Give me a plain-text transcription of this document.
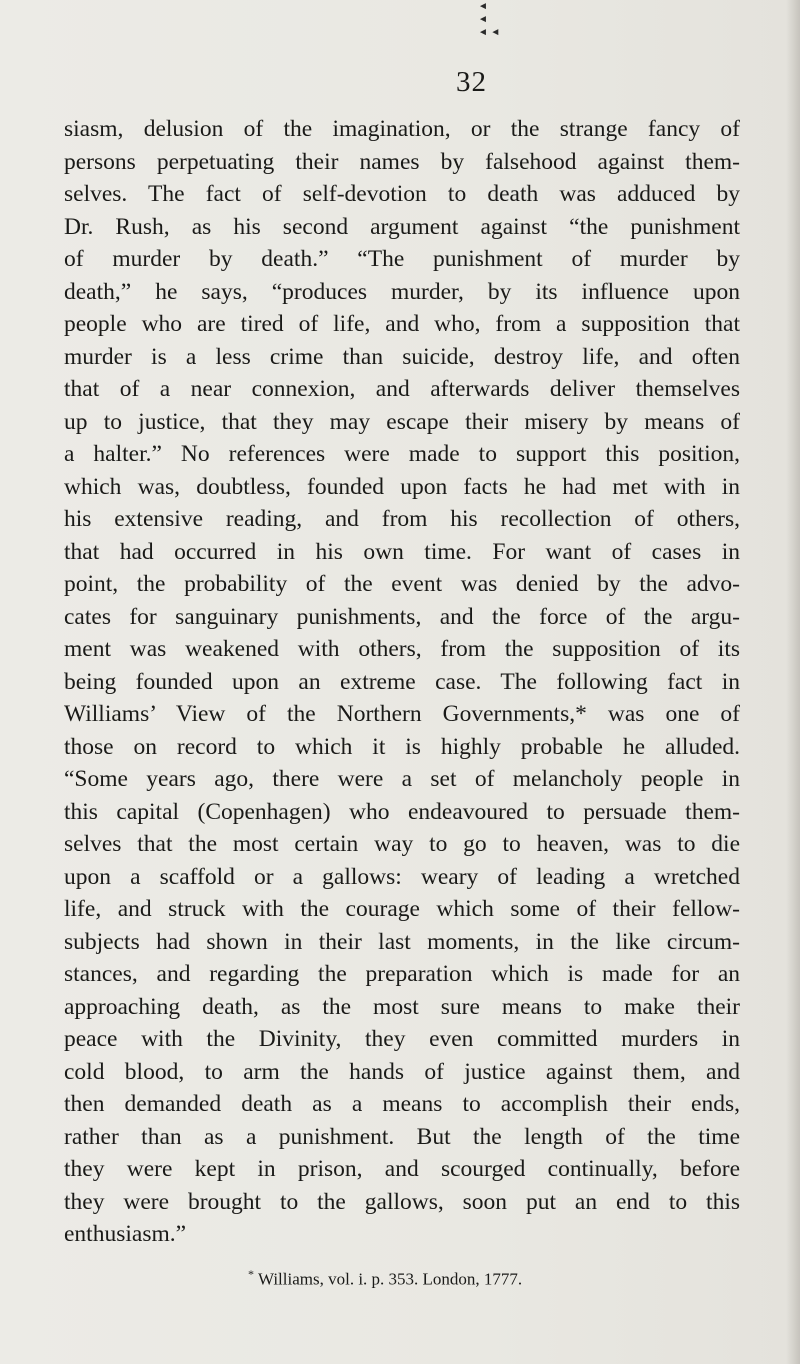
◄
◄
◄ ◄
32
siasm, delusion of the imagination, or the strange fancy of
persons perpetuating their names by falsehood against them-
selves. The fact of self-devotion to death was adduced by
Dr. Rush, as his second argument against “the punishment
of murder by death.” “The punishment of murder by
death,” he says, “produces murder, by its influence upon
people who are tired of life, and who, from a supposition that
murder is a less crime than suicide, destroy life, and often
that of a near connexion, and afterwards deliver themselves
up to justice, that they may escape their misery by means of
a halter.” No references were made to support this position,
which was, doubtless, founded upon facts he had met with in
his extensive reading, and from his recollection of others,
that had occurred in his own time. For want of cases in
point, the probability of the event was denied by the advo-
cates for sanguinary punishments, and the force of the argu-
ment was weakened with others, from the supposition of its
being founded upon an extreme case. The following fact in
Williams’ View of the Northern Governments,* was one of
those on record to which it is highly probable he alluded.
“Some years ago, there were a set of melancholy people in
this capital (Copenhagen) who endeavoured to persuade them-
selves that the most certain way to go to heaven, was to die
upon a scaffold or a gallows: weary of leading a wretched
life, and struck with the courage which some of their fellow-
subjects had shown in their last moments, in the like circum-
stances, and regarding the preparation which is made for an
approaching death, as the most sure means to make their
peace with the Divinity, they even committed murders in
cold blood, to arm the hands of justice against them, and
then demanded death as a means to accomplish their ends,
rather than as a punishment. But the length of the time
they were kept in prison, and scourged continually, before
they were brought to the gallows, soon put an end to this
enthusiasm.”
* Williams, vol. i. p. 353. London, 1777.
